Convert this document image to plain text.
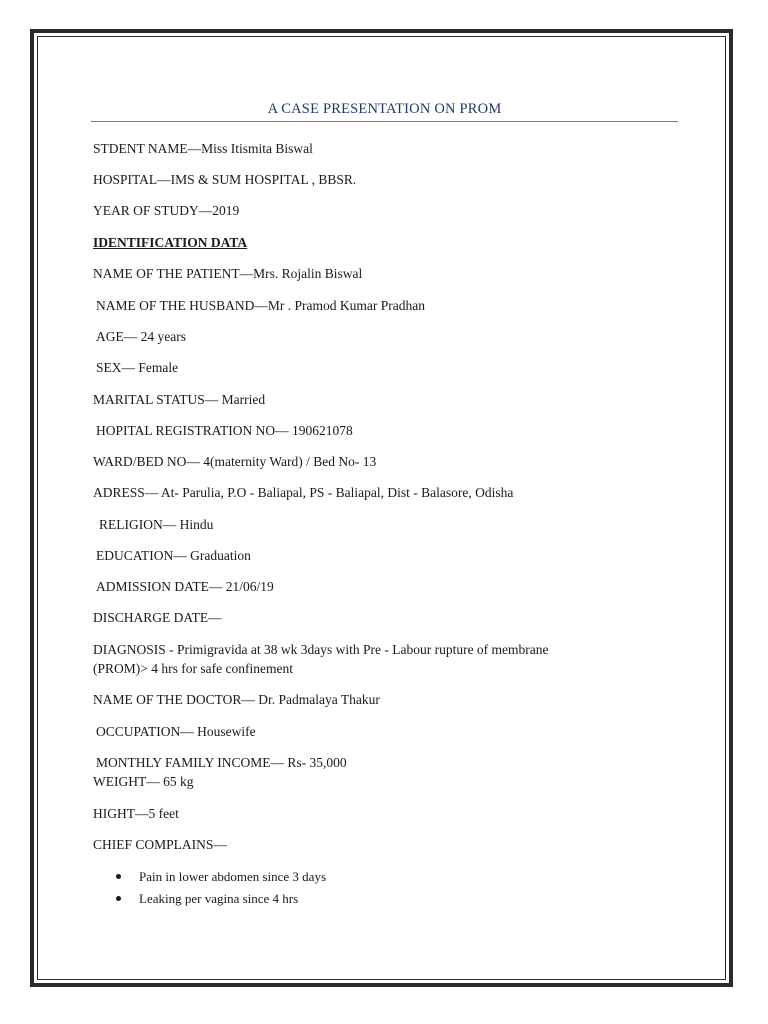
A CASE PRESENTATION ON PROM
STDENT NAME—Miss Itismita Biswal
HOSPITAL—IMS & SUM HOSPITAL , BBSR.
YEAR OF STUDY—2019
IDENTIFICATION DATA
NAME OF THE PATIENT—Mrs. Rojalin Biswal
NAME OF THE HUSBAND—Mr . Pramod Kumar Pradhan
AGE— 24 years
SEX— Female
MARITAL STATUS— Married
HOPITAL REGISTRATION NO— 190621078
WARD/BED NO— 4(maternity Ward) / Bed No- 13
ADRESS— At- Parulia, P.O - Baliapal, PS - Baliapal, Dist - Balasore, Odisha
RELIGION— Hindu
EDUCATION— Graduation
ADMISSION DATE— 21/06/19
DISCHARGE DATE—
DIAGNOSIS - Primigravida at 38 wk 3days with Pre - Labour rupture of membrane
(PROM)> 4 hrs for safe confinement
NAME OF THE DOCTOR— Dr. Padmalaya Thakur
OCCUPATION— Housewife
MONTHLY FAMILY INCOME— Rs- 35,000
WEIGHT— 65 kg
HIGHT—5 feet
CHIEF COMPLAINS—
Pain in lower abdomen since 3 days
Leaking per vagina since 4 hrs
